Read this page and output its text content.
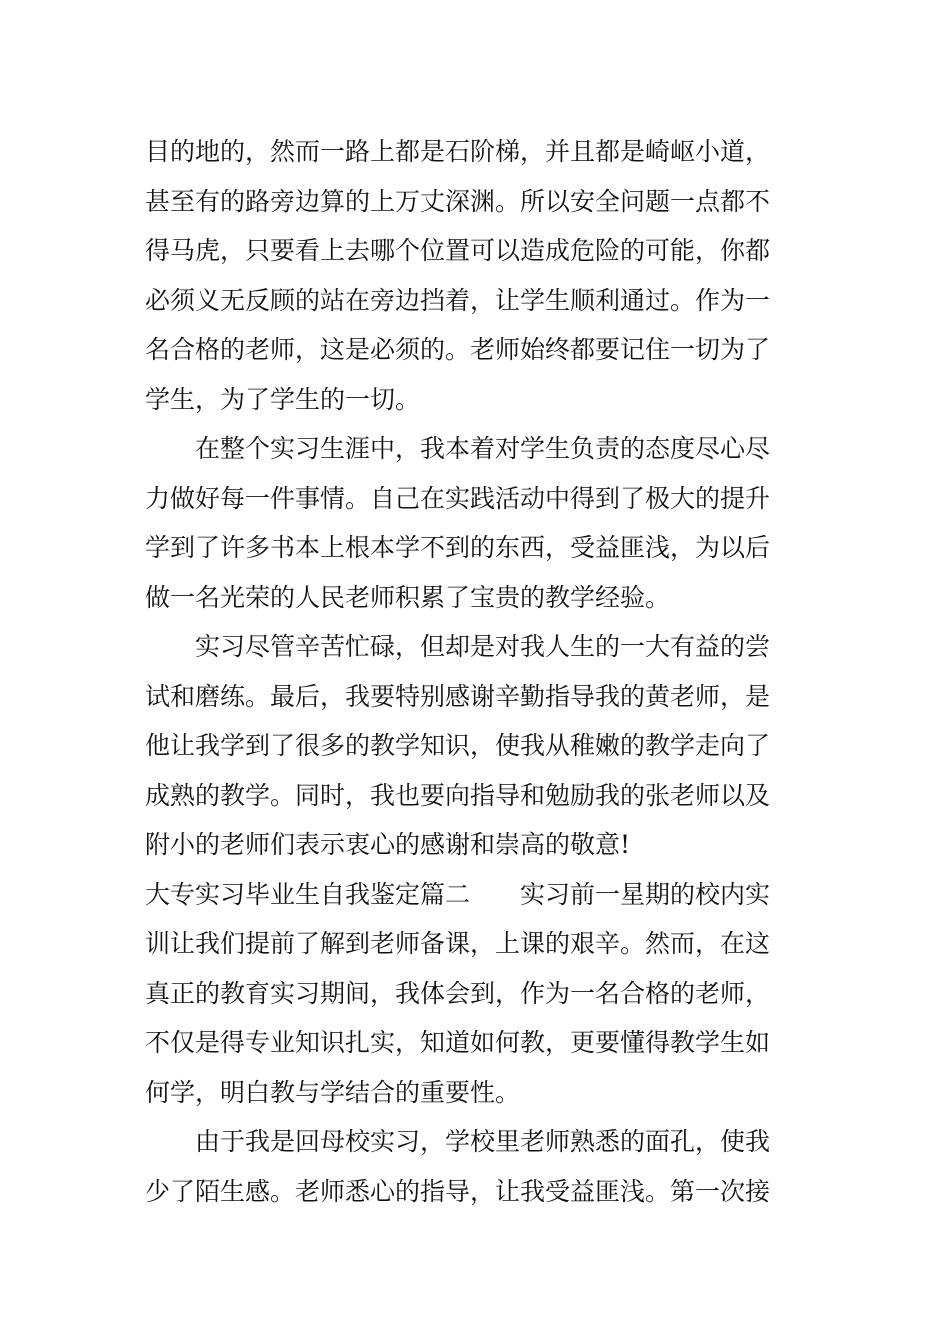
目的地的，然而一路上都是石阶梯，并且都是崎岖小道，
甚至有的路旁边算的上万丈深渊。所以安全问题一点都不
得马虎，只要看上去哪个位置可以造成危险的可能，你都
必须义无反顾的站在旁边挡着，让学生顺利通过。作为一
名合格的老师，这是必须的。老师始终都要记住一切为了
学生，为了学生的一切。
　　在整个实习生涯中，我本着对学生负责的态度尽心尽
力做好每一件事情。自己在实践活动中得到了极大的提升
学到了许多书本上根本学不到的东西，受益匪浅，为以后
做一名光荣的人民老师积累了宝贵的教学经验。
　　实习尽管辛苦忙碌，但却是对我人生的一大有益的尝
试和磨练。最后，我要特别感谢辛勤指导我的黄老师，是
他让我学到了很多的教学知识，使我从稚嫩的教学走向了
成熟的教学。同时，我也要向指导和勉励我的张老师以及
附小的老师们表示衷心的感谢和崇高的敬意!
大专实习毕业生自我鉴定篇二　　实习前一星期的校内实
训让我们提前了解到老师备课，上课的艰辛。然而，在这
真正的教育实习期间，我体会到，作为一名合格的老师，
不仅是得专业知识扎实，知道如何教，更要懂得教学生如
何学，明白教与学结合的重要性。
　　由于我是回母校实习，学校里老师熟悉的面孔，使我
少了陌生感。老师悉心的指导，让我受益匪浅。第一次接
